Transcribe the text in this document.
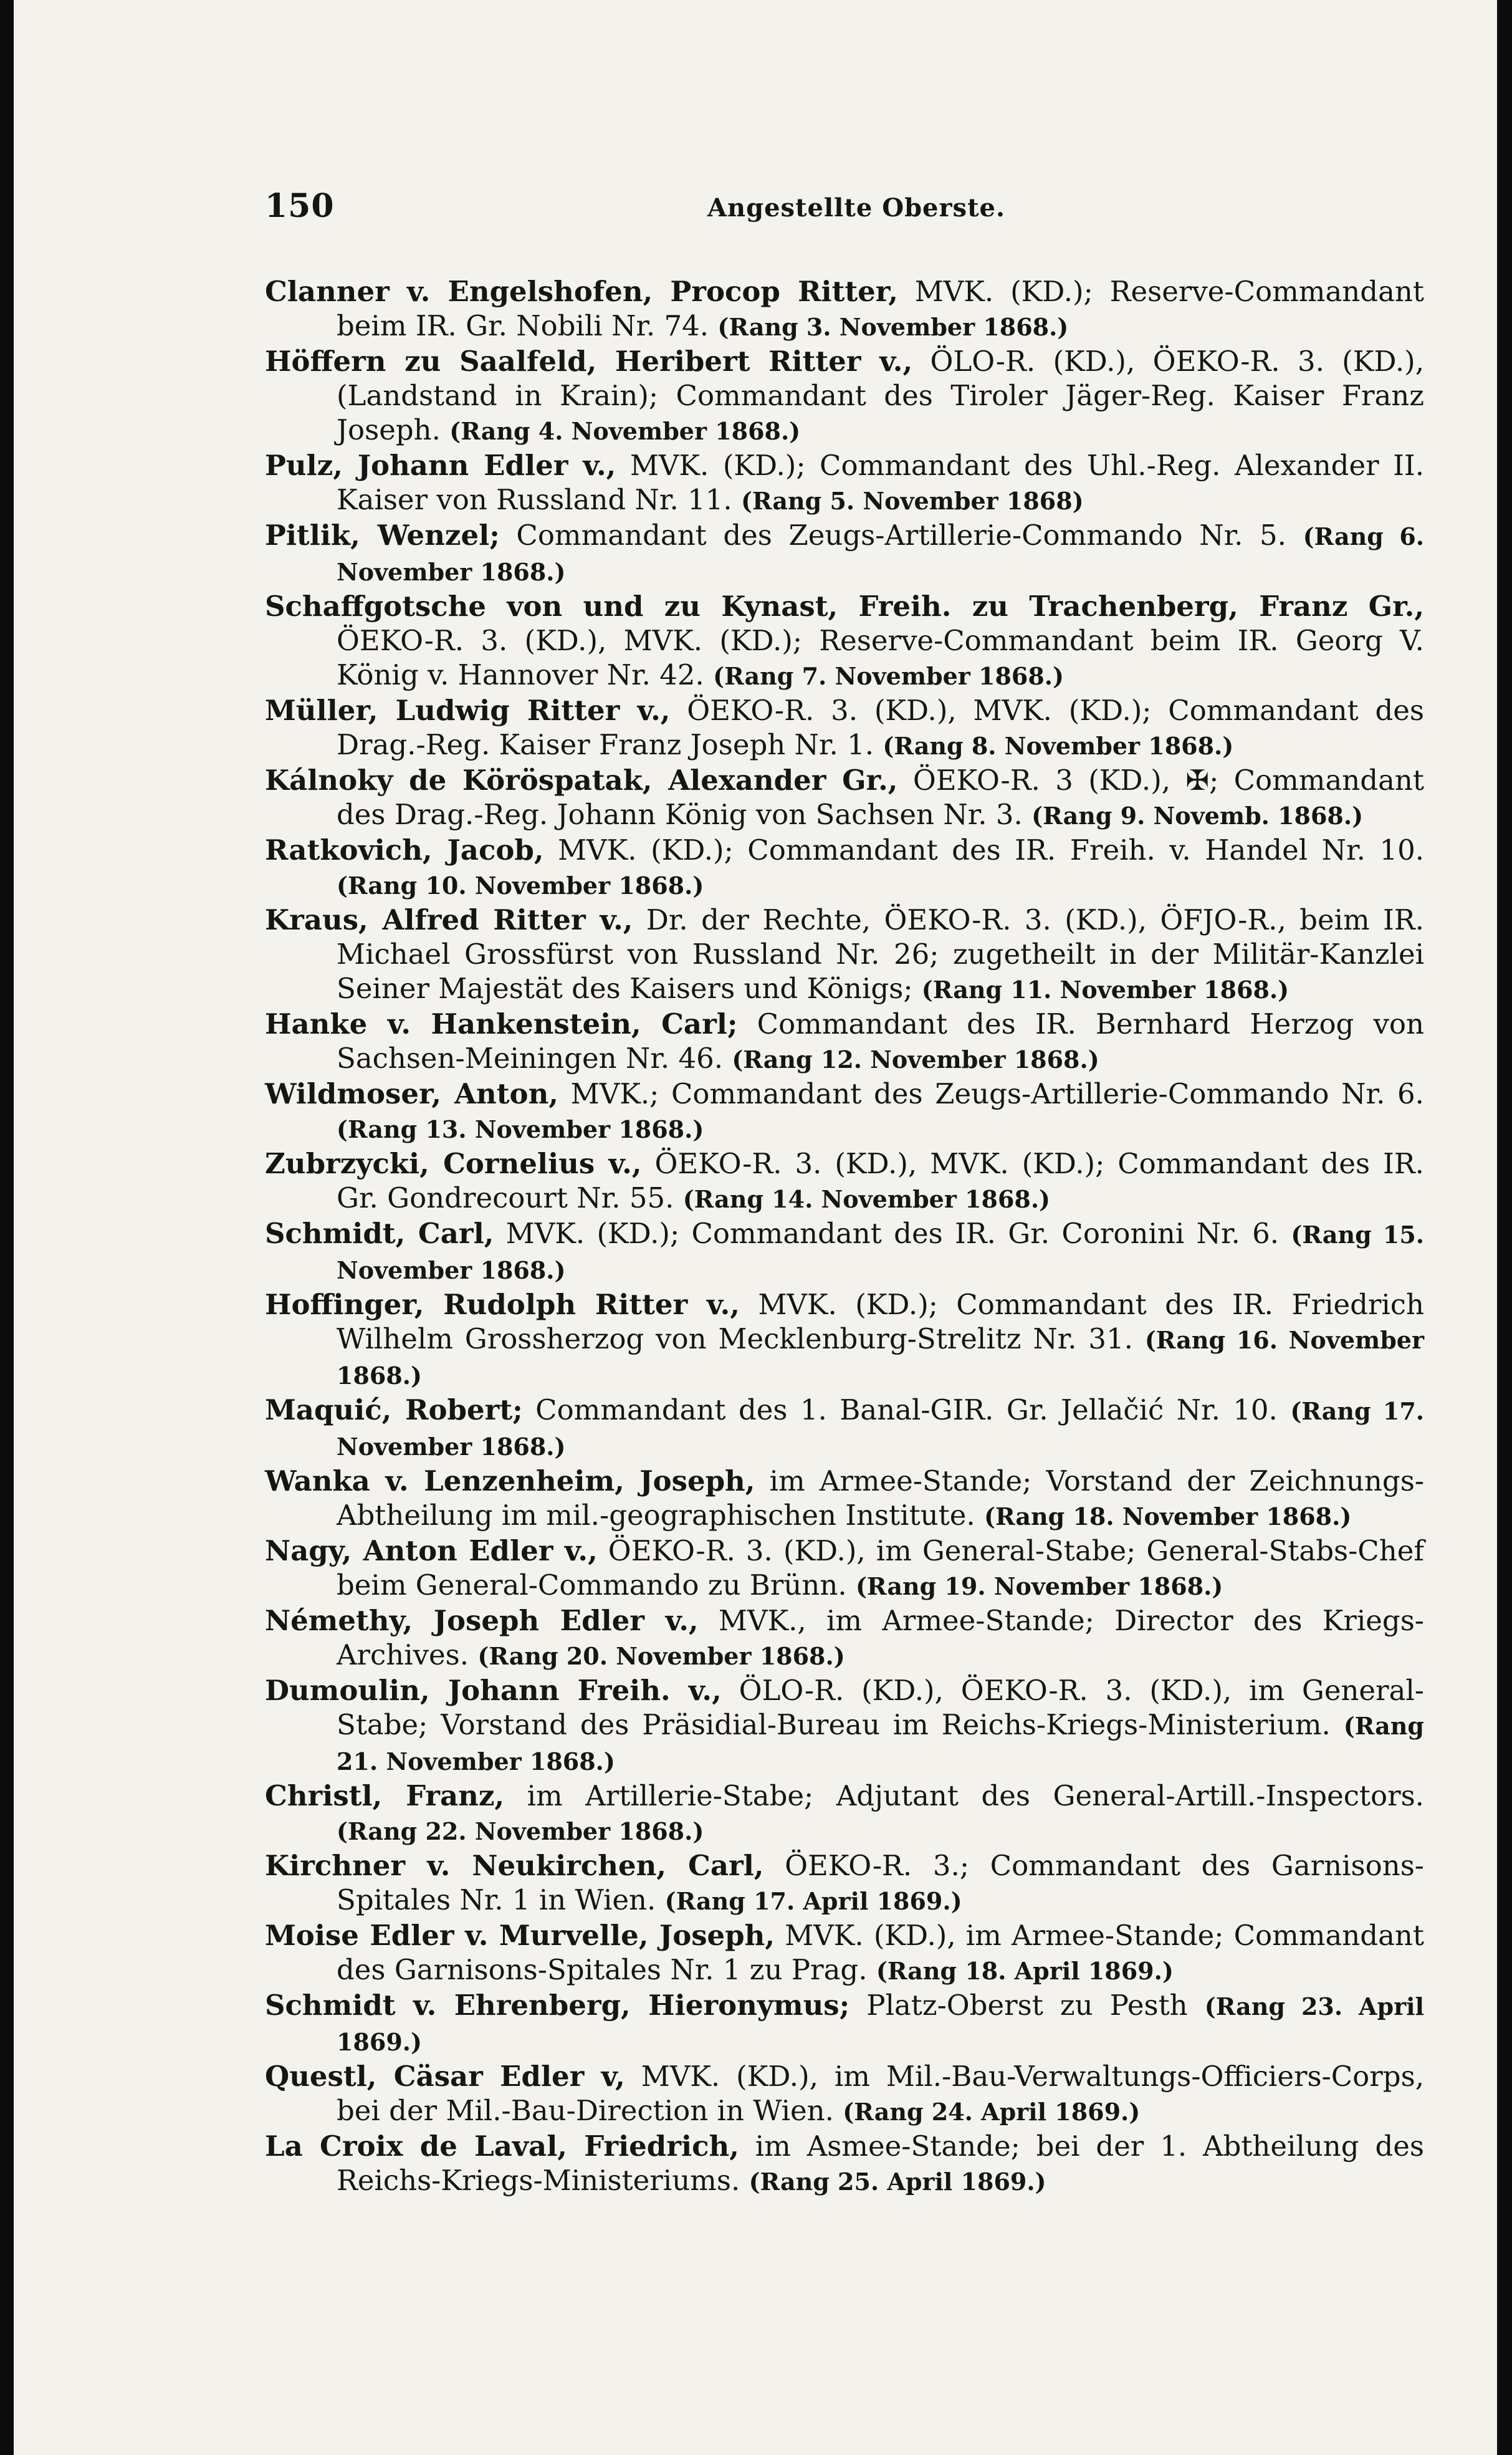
150	Angestellte Oberste.

Clanner v. Engelshofen, Procop Ritter, MVK. (KD.); Reserve-Commandant beim IR. Gr. Nobili Nr. 74. (Rang 3. November 1868.)

Höffern zu Saalfeld, Heribert Ritter v., ÖLO-R. (KD.), ÖEKO-R. 3. (KD.), (Landstand in Krain); Commandant des Tiroler Jäger-Reg. Kaiser Franz Joseph. (Rang 4. November 1868.)

Pulz, Johann Edler v., MVK. (KD.); Commandant des Uhl.-Reg. Alexander II. Kaiser von Russland Nr. 11. (Rang 5. November 1868)

Pitlik, Wenzel; Commandant des Zeugs-Artillerie-Commando Nr. 5. (Rang 6. November 1868.)

Schaffgotsche von und zu Kynast, Freih. zu Trachenberg, Franz Gr., ÖEKO-R. 3. (KD.), MVK. (KD.); Reserve-Commandant beim IR. Georg V. König v. Hannover Nr. 42. (Rang 7. November 1868.)

Müller, Ludwig Ritter v., ÖEKO-R. 3. (KD.), MVK. (KD.); Commandant des Drag.-Reg. Kaiser Franz Joseph Nr. 1. (Rang 8. November 1868.)

Kálnoky de Köröspatak, Alexander Gr., ÖEKO-R. 3 (KD.), ✠; Commandant des Drag.-Reg. Johann König von Sachsen Nr. 3. (Rang 9. Novemb. 1868.)

Ratkovich, Jacob, MVK. (KD.); Commandant des IR. Freih. v. Handel Nr. 10. (Rang 10. November 1868.)

Kraus, Alfred Ritter v., Dr. der Rechte, ÖEKO-R. 3. (KD.), ÖFJO-R., beim IR. Michael Grossfürst von Russland Nr. 26; zugetheilt in der Militär-Kanzlei Seiner Majestät des Kaisers und Königs; (Rang 11. November 1868.)

Hanke v. Hankenstein, Carl; Commandant des IR. Bernhard Herzog von Sachsen-Meiningen Nr. 46. (Rang 12. November 1868.)

Wildmoser, Anton, MVK.; Commandant des Zeugs-Artillerie-Commando Nr. 6. (Rang 13. November 1868.)

Zubrzycki, Cornelius v., ÖEKO-R. 3. (KD.), MVK. (KD.); Commandant des IR. Gr. Gondrecourt Nr. 55. (Rang 14. November 1868.)

Schmidt, Carl, MVK. (KD.); Commandant des IR. Gr. Coronini Nr. 6. (Rang 15. November 1868.)

Hoffinger, Rudolph Ritter v., MVK. (KD.); Commandant des IR. Friedrich Wilhelm Grossherzog von Mecklenburg-Strelitz Nr. 31. (Rang 16. November 1868.)

Maquić, Robert; Commandant des 1. Banal-GIR. Gr. Jellačić Nr. 10. (Rang 17. November 1868.)

Wanka v. Lenzenheim, Joseph, im Armee-Stande; Vorstand der Zeichnungs-Abtheilung im mil.-geographischen Institute. (Rang 18. November 1868.)

Nagy, Anton Edler v., ÖEKO-R. 3. (KD.), im General-Stabe; General-Stabs-Chef beim General-Commando zu Brünn. (Rang 19. November 1868.)

Némethy, Joseph Edler v., MVK., im Armee-Stande; Director des Kriegs-Archives. (Rang 20. November 1868.)

Dumoulin, Johann Freih. v., ÖLO-R. (KD.), ÖEKO-R. 3. (KD.), im General-Stabe; Vorstand des Präsidial-Bureau im Reichs-Kriegs-Ministerium. (Rang 21. November 1868.)

Christl, Franz, im Artillerie-Stabe; Adjutant des General-Artill.-Inspectors. (Rang 22. November 1868.)

Kirchner v. Neukirchen, Carl, ÖEKO-R. 3.; Commandant des Garnisons-Spitales Nr. 1 in Wien. (Rang 17. April 1869.)

Moise Edler v. Murvelle, Joseph, MVK. (KD.), im Armee-Stande; Commandant des Garnisons-Spitales Nr. 1 zu Prag. (Rang 18. April 1869.)

Schmidt v. Ehrenberg, Hieronymus; Platz-Oberst zu Pesth (Rang 23. April 1869.)

Questl, Cäsar Edler v, MVK. (KD.), im Mil.-Bau-Verwaltungs-Officiers-Corps, bei der Mil.-Bau-Direction in Wien. (Rang 24. April 1869.)

La Croix de Laval, Friedrich, im Asmee-Stande; bei der 1. Abtheilung des Reichs-Kriegs-Ministeriums. (Rang 25. April 1869.)
